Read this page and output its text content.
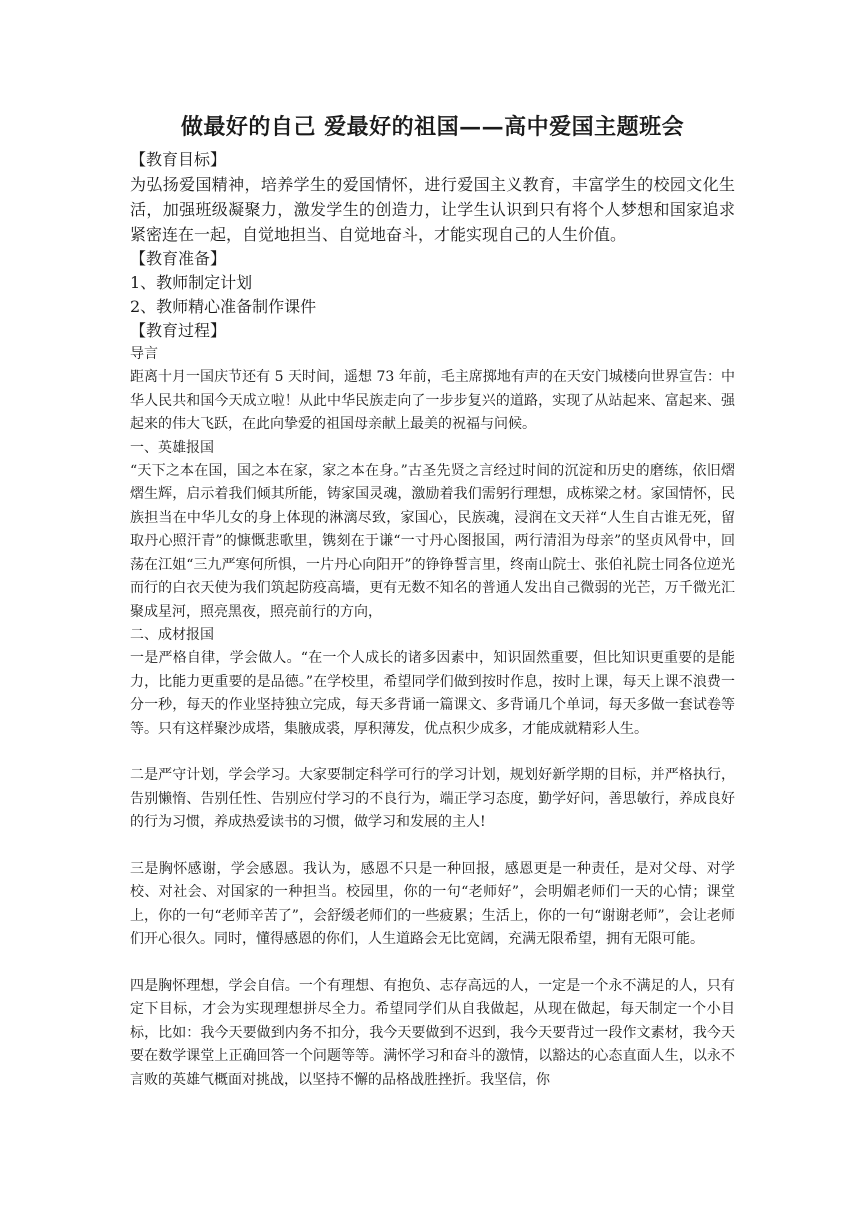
做最好的自己 爱最好的祖国——高中爱国主题班会

【教育目标】

为弘扬爱国精神，培养学生的爱国情怀，进行爱国主义教育，丰富学生的校园文化生活，加强班级凝聚力，激发学生的创造力，让学生认识到只有将个人梦想和国家追求紧密连在一起，自觉地担当、自觉地奋斗，才能实现自己的人生价值。

【教育准备】

1、教师制定计划

2、教师精心准备制作课件

【教育过程】

导言

距离十月一国庆节还有 5 天时间，遥想 73 年前，毛主席掷地有声的在天安门城楼向世界宣告：中华人民共和国今天成立啦！从此中华民族走向了一步步复兴的道路，实现了从站起来、富起来、强起来的伟大飞跃，在此向挚爱的祖国母亲献上最美的祝福与问候。

一、英雄报国

“天下之本在国，国之本在家，家之本在身。”古圣先贤之言经过时间的沉淀和历史的磨练，依旧熠熠生辉，启示着我们倾其所能，铸家国灵魂，激励着我们需躬行理想，成栋梁之材。家国情怀，民族担当在中华儿女的身上体现的淋漓尽致，家国心，民族魂，浸润在文天祥“人生自古谁无死，留取丹心照汗青”的慷慨悲歌里，镌刻在于谦“一寸丹心图报国，两行清泪为母亲”的坚贞风骨中，回荡在江姐“三九严寒何所惧，一片丹心向阳开”的铮铮誓言里，终南山院士、张伯礼院士同各位逆光而行的白衣天使为我们筑起防疫高墙，更有无数不知名的普通人发出自己微弱的光芒，万千微光汇聚成星河，照亮黑夜，照亮前行的方向，

二、成材报国

一是严格自律，学会做人。“在一个人成长的诸多因素中，知识固然重要，但比知识更重要的是能力，比能力更重要的是品德。”在学校里，希望同学们做到按时作息，按时上课，每天上课不浪费一分一秒，每天的作业坚持独立完成，每天多背诵一篇课文、多背诵几个单词，每天多做一套试卷等等。只有这样聚沙成塔，集腋成裘，厚积薄发，优点积少成多，才能成就精彩人生。

二是严守计划，学会学习。大家要制定科学可行的学习计划，规划好新学期的目标，并严格执行，告别懒惰、告别任性、告别应付学习的不良行为，端正学习态度，勤学好问，善思敏行，养成良好的行为习惯，养成热爱读书的习惯，做学习和发展的主人!

三是胸怀感谢，学会感恩。我认为，感恩不只是一种回报，感恩更是一种责任，是对父母、对学校、对社会、对国家的一种担当。校园里，你的一句“老师好”，会明媚老师们一天的心情；课堂上，你的一句“老师辛苦了”，会舒缓老师们的一些疲累；生活上，你的一句“谢谢老师”，会让老师们开心很久。同时，懂得感恩的你们，人生道路会无比宽阔，充满无限希望，拥有无限可能。

四是胸怀理想，学会自信。一个有理想、有抱负、志存高远的人，一定是一个永不满足的人，只有定下目标，才会为实现理想拼尽全力。希望同学们从自我做起，从现在做起，每天制定一个小目标，比如：我今天要做到内务不扣分，我今天要做到不迟到，我今天要背过一段作文素材，我今天要在数学课堂上正确回答一个问题等等。满怀学习和奋斗的激情，以豁达的心态直面人生，以永不言败的英雄气概面对挑战，以坚持不懈的品格战胜挫折。我坚信，你
